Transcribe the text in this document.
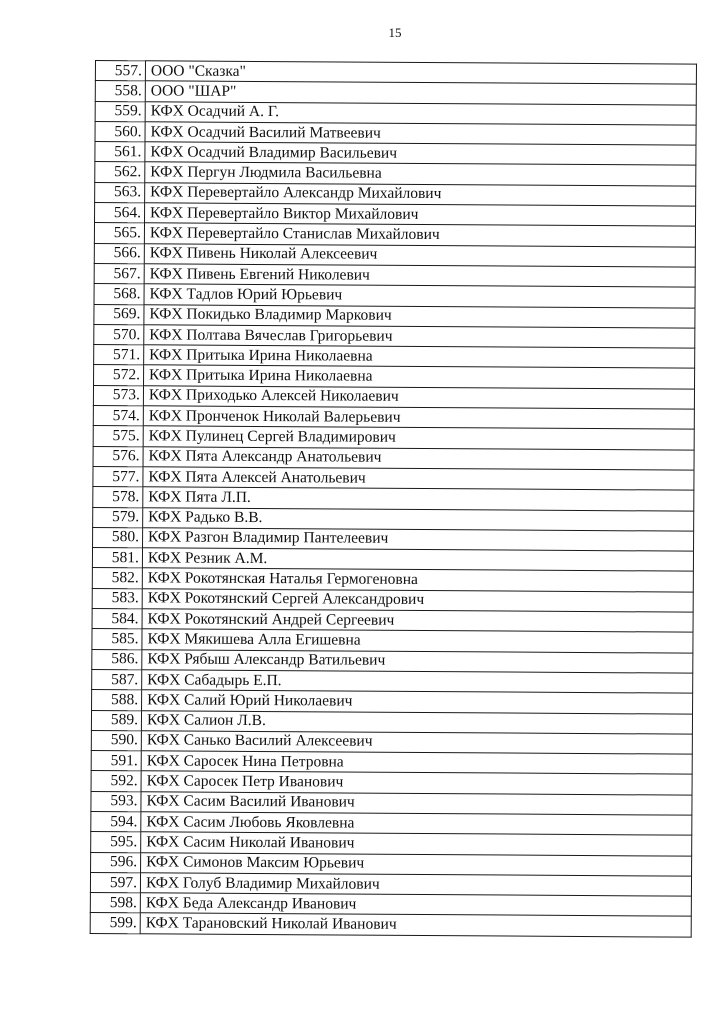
15
557.	ООО "Сказка"
558.	ООО "ШАР"
559.	КФХ Осадчий А. Г.
560.	КФХ Осадчий Василий Матвеевич
561.	КФХ Осадчий Владимир Васильевич
562.	КФХ Пергун Людмила Васильевна
563.	КФХ Перевертайло Александр Михайлович
564.	КФХ Перевертайло Виктор Михайлович
565.	КФХ Перевертайло Станислав Михайлович
566.	КФХ Пивень Николай Алексеевич
567.	КФХ Пивень Евгений Николевич
568.	КФХ Тадлов Юрий Юрьевич
569.	КФХ Покидько Владимир Маркович
570.	КФХ Полтава Вячеслав Григорьевич
571.	КФХ Притыка Ирина Николаевна
572.	КФХ Притыка Ирина Николаевна
573.	КФХ Приходько Алексей Николаевич
574.	КФХ Пронченок Николай Валерьевич
575.	КФХ Пулинец Сергей Владимирович
576.	КФХ Пята Александр Анатольевич
577.	КФХ Пята Алексей Анатольевич
578.	КФХ Пята Л.П.
579.	КФХ Радько В.В.
580.	КФХ Разгон Владимир Пантелеевич
581.	КФХ Резник А.М.
582.	КФХ Рокотянская Наталья Гермогеновна
583.	КФХ Рокотянский Сергей Александрович
584.	КФХ Рокотянский Андрей Сергеевич
585.	КФХ Мякишева Алла Егишевна
586.	КФХ Рябыш Александр Ватильевич
587.	КФХ Сабадырь Е.П.
588.	КФХ Салий Юрий Николаевич
589.	КФХ Салион Л.В.
590.	КФХ Санько Василий Алексеевич
591.	КФХ Саросек Нина Петровна
592.	КФХ Саросек Петр Иванович
593.	КФХ Сасим Василий Иванович
594.	КФХ Сасим Любовь Яковлевна
595.	КФХ Сасим Николай Иванович
596.	КФХ Симонов Максим Юрьевич
597.	КФХ Голуб Владимир Михайлович
598.	КФХ Беда Александр Иванович
599.	КФХ Тарановский Николай Иванович
